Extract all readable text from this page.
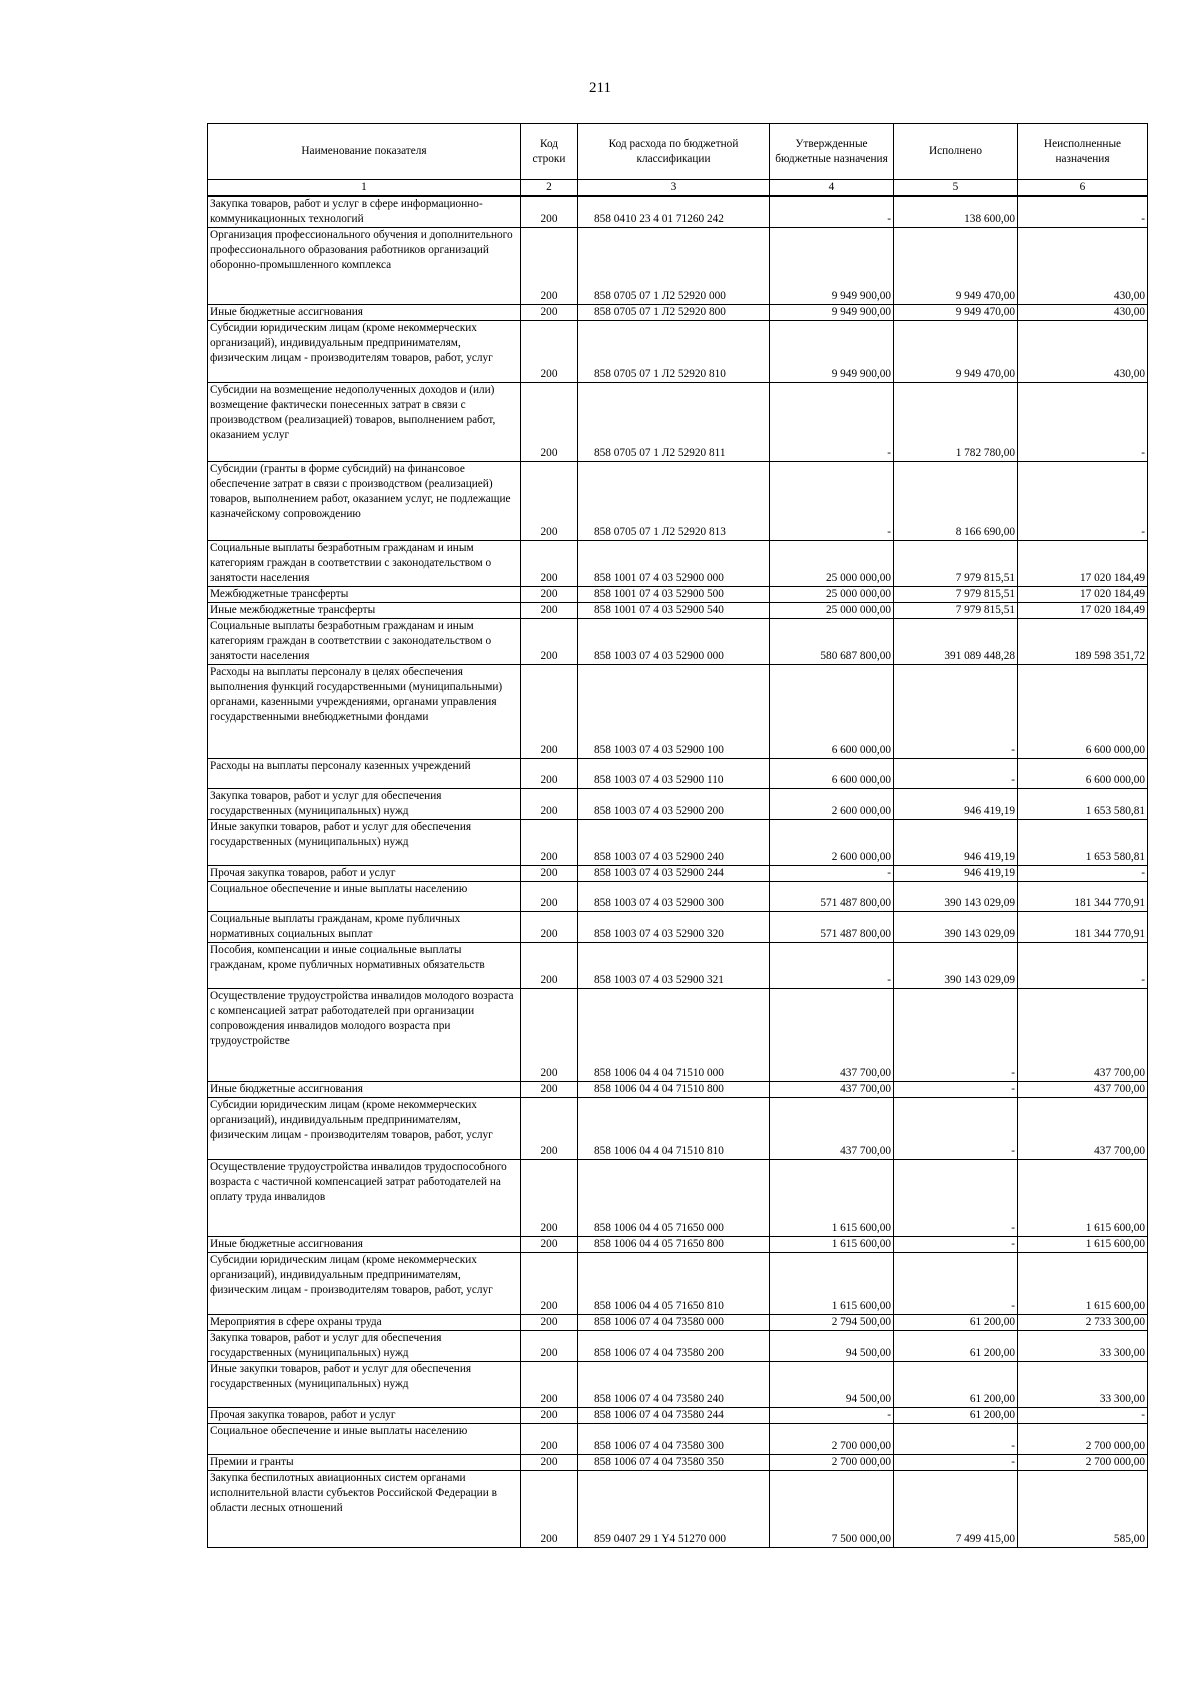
211
Наименование показателя	Код строки	Код расхода по бюджетной классификации	Утвержденные бюджетные назначения	Исполнено	Неисполненные назначения
1	2	3	4	5	6
Закупка товаров, работ и услуг в сфере информационно-коммуникационных технологий	200	858 0410 23 4 01 71260 242	-	138 600,00	-
Организация профессионального обучения и дополнительного профессионального образования работников организаций оборонно-промышленного комплекса	200	858 0705 07 1 Л2 52920 000	9 949 900,00	9 949 470,00	430,00
Иные бюджетные ассигнования	200	858 0705 07 1 Л2 52920 800	9 949 900,00	9 949 470,00	430,00
Субсидии юридическим лицам (кроме некоммерческих организаций), индивидуальным предпринимателям, физическим лицам - производителям товаров, работ, услуг	200	858 0705 07 1 Л2 52920 810	9 949 900,00	9 949 470,00	430,00
Субсидии на возмещение недополученных доходов и (или) возмещение фактически понесенных затрат в связи с производством (реализацией) товаров, выполнением работ, оказанием услуг	200	858 0705 07 1 Л2 52920 811	-	1 782 780,00	-
Субсидии (гранты в форме субсидий) на финансовое обеспечение затрат в связи с производством (реализацией) товаров, выполнением работ, оказанием услуг, не подлежащие казначейскому сопровождению	200	858 0705 07 1 Л2 52920 813	-	8 166 690,00	-
Социальные выплаты безработным гражданам и иным категориям граждан в соответствии с законодательством о занятости населения	200	858 1001 07 4 03 52900 000	25 000 000,00	7 979 815,51	17 020 184,49
Межбюджетные трансферты	200	858 1001 07 4 03 52900 500	25 000 000,00	7 979 815,51	17 020 184,49
Иные межбюджетные трансферты	200	858 1001 07 4 03 52900 540	25 000 000,00	7 979 815,51	17 020 184,49
Социальные выплаты безработным гражданам и иным категориям граждан в соответствии с законодательством о занятости населения	200	858 1003 07 4 03 52900 000	580 687 800,00	391 089 448,28	189 598 351,72
Расходы на выплаты персоналу в целях обеспечения выполнения функций государственными (муниципальными) органами, казенными учреждениями, органами управления государственными внебюджетными фондами	200	858 1003 07 4 03 52900 100	6 600 000,00	-	6 600 000,00
Расходы на выплаты персоналу казенных учреждений	200	858 1003 07 4 03 52900 110	6 600 000,00	-	6 600 000,00
Закупка товаров, работ и услуг для обеспечения государственных (муниципальных) нужд	200	858 1003 07 4 03 52900 200	2 600 000,00	946 419,19	1 653 580,81
Иные закупки товаров, работ и услуг для обеспечения государственных (муниципальных) нужд	200	858 1003 07 4 03 52900 240	2 600 000,00	946 419,19	1 653 580,81
Прочая закупка товаров, работ и услуг	200	858 1003 07 4 03 52900 244	-	946 419,19	-
Социальное обеспечение и иные выплаты населению	200	858 1003 07 4 03 52900 300	571 487 800,00	390 143 029,09	181 344 770,91
Социальные выплаты гражданам, кроме публичных нормативных социальных выплат	200	858 1003 07 4 03 52900 320	571 487 800,00	390 143 029,09	181 344 770,91
Пособия, компенсации и иные социальные выплаты гражданам, кроме публичных нормативных обязательств	200	858 1003 07 4 03 52900 321	-	390 143 029,09	-
Осуществление трудоустройства инвалидов молодого возраста с компенсацией затрат работодателей при организации сопровождения инвалидов молодого возраста при трудоустройстве	200	858 1006 04 4 04 71510 000	437 700,00	-	437 700,00
Иные бюджетные ассигнования	200	858 1006 04 4 04 71510 800	437 700,00	-	437 700,00
Субсидии юридическим лицам (кроме некоммерческих организаций), индивидуальным предпринимателям, физическим лицам - производителям товаров, работ, услуг	200	858 1006 04 4 04 71510 810	437 700,00	-	437 700,00
Осуществление трудоустройства инвалидов трудоспособного возраста с частичной компенсацией затрат работодателей на оплату труда инвалидов	200	858 1006 04 4 05 71650 000	1 615 600,00	-	1 615 600,00
Иные бюджетные ассигнования	200	858 1006 04 4 05 71650 800	1 615 600,00	-	1 615 600,00
Субсидии юридическим лицам (кроме некоммерческих организаций), индивидуальным предпринимателям, физическим лицам - производителям товаров, работ, услуг	200	858 1006 04 4 05 71650 810	1 615 600,00	-	1 615 600,00
Мероприятия в сфере охраны труда	200	858 1006 07 4 04 73580 000	2 794 500,00	61 200,00	2 733 300,00
Закупка товаров, работ и услуг для обеспечения государственных (муниципальных) нужд	200	858 1006 07 4 04 73580 200	94 500,00	61 200,00	33 300,00
Иные закупки товаров, работ и услуг для обеспечения государственных (муниципальных) нужд	200	858 1006 07 4 04 73580 240	94 500,00	61 200,00	33 300,00
Прочая закупка товаров, работ и услуг	200	858 1006 07 4 04 73580 244	-	61 200,00	-
Социальное обеспечение и иные выплаты населению	200	858 1006 07 4 04 73580 300	2 700 000,00	-	2 700 000,00
Премии и гранты	200	858 1006 07 4 04 73580 350	2 700 000,00	-	2 700 000,00
Закупка беспилотных авиационных систем органами исполнительной власти субъектов Российской Федерации в области лесных отношений	200	859 0407 29 1 Y4 51270 000	7 500 000,00	7 499 415,00	585,00
